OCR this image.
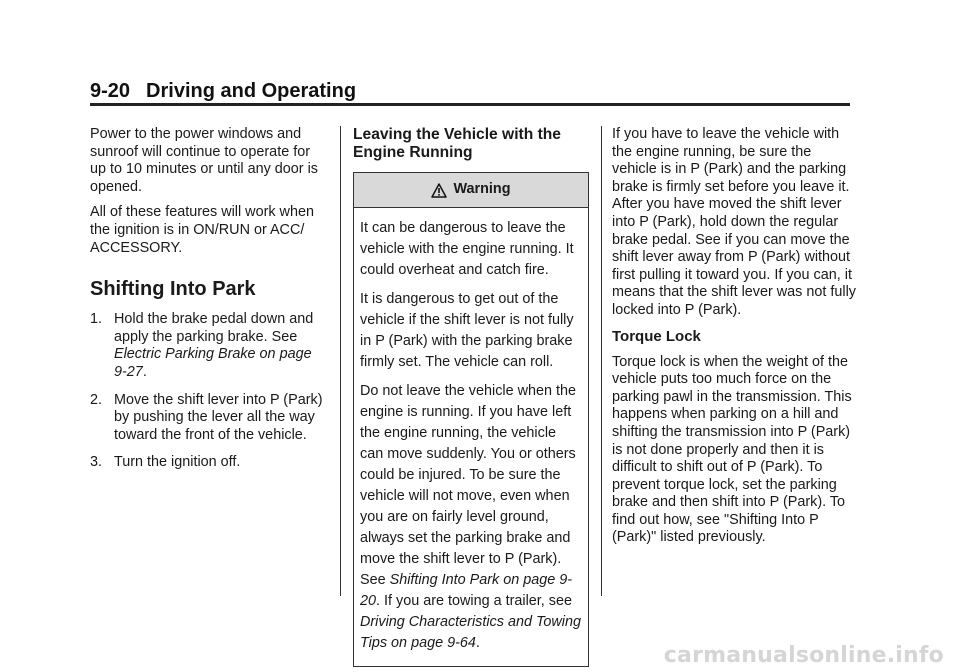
9-20 Driving and Operating

Power to the power windows and sunroof will continue to operate for up to 10 minutes or until any door is opened.

All of these features will work when the ignition is in ON/RUN or ACC/ ACCESSORY.

Shifting Into Park
1. Hold the brake pedal down and apply the parking brake. See Electric Parking Brake on page 9-27.
2. Move the shift lever into P (Park) by pushing the lever all the way toward the front of the vehicle.
3. Turn the ignition off.
Leaving the Vehicle with the Engine Running
Warning

It can be dangerous to leave the vehicle with the engine running. It could overheat and catch fire.

It is dangerous to get out of the vehicle if the shift lever is not fully in P (Park) with the parking brake firmly set. The vehicle can roll.

Do not leave the vehicle when the engine is running. If you have left the engine running, the vehicle can move suddenly. You or others could be injured. To be sure the vehicle will not move, even when you are on fairly level ground, always set the parking brake and move the shift lever to P (Park). See Shifting Into Park on page 9-20. If you are towing a trailer, see Driving Characteristics and Towing Tips on page 9-64.

If you have to leave the vehicle with the engine running, be sure the vehicle is in P (Park) and the parking brake is firmly set before you leave it. After you have moved the shift lever into P (Park), hold down the regular brake pedal. See if you can move the shift lever away from P (Park) without first pulling it toward you. If you can, it means that the shift lever was not fully locked into P (Park).

Torque Lock

Torque lock is when the weight of the vehicle puts too much force on the parking pawl in the transmission. This happens when parking on a hill and shifting the transmission into P (Park) is not done properly and then it is difficult to shift out of P (Park). To prevent torque lock, set the parking brake and then shift into P (Park). To find out how, see "Shifting Into P (Park)" listed previously.

carmanualsonline.info
